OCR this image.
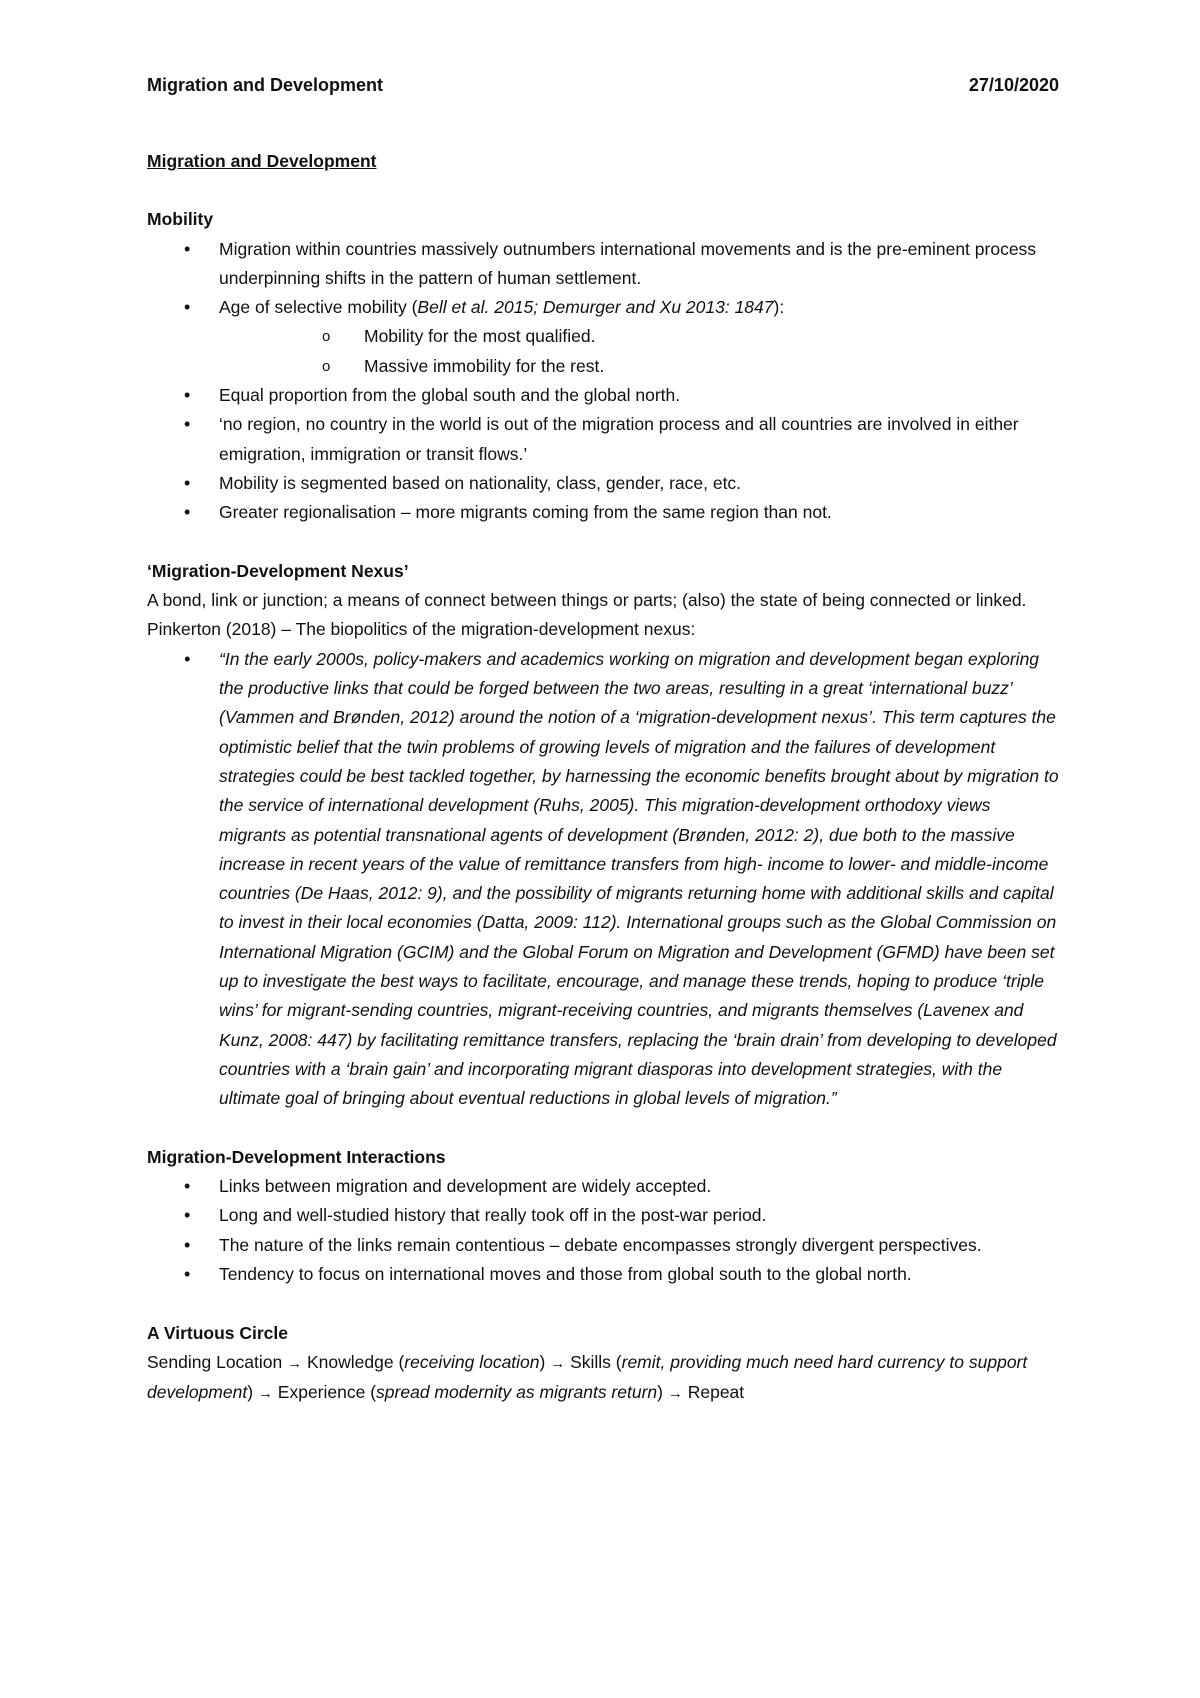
Migration and Development	27/10/2020
Migration and Development
Mobility
• Migration within countries massively outnumbers international movements and is the pre-eminent process underpinning shifts in the pattern of human settlement.
• Age of selective mobility (Bell et al. 2015; Demurger and Xu 2013: 1847):
o Mobility for the most qualified.
o Massive immobility for the rest.
• Equal proportion from the global south and the global north.
• ‘no region, no country in the world is out of the migration process and all countries are involved in either emigration, immigration or transit flows.’
• Mobility is segmented based on nationality, class, gender, race, etc.
• Greater regionalisation – more migrants coming from the same region than not.
‘Migration-Development Nexus’
A bond, link or junction; a means of connect between things or parts; (also) the state of being connected or linked. Pinkerton (2018) – The biopolitics of the migration-development nexus:
• “In the early 2000s, policy-makers and academics working on migration and development began exploring the productive links that could be forged between the two areas, resulting in a great ‘international buzz’ (Vammen and Brønden, 2012) around the notion of a ‘migration-development nexus’. This term captures the optimistic belief that the twin problems of growing levels of migration and the failures of development strategies could be best tackled together, by harnessing the economic benefits brought about by migration to the service of international development (Ruhs, 2005). This migration-development orthodoxy views migrants as potential transnational agents of development (Brønden, 2012: 2), due both to the massive increase in recent years of the value of remittance transfers from high- income to lower- and middle-income countries (De Haas, 2012: 9), and the possibility of migrants returning home with additional skills and capital to invest in their local economies (Datta, 2009: 112). International groups such as the Global Commission on International Migration (GCIM) and the Global Forum on Migration and Development (GFMD) have been set up to investigate the best ways to facilitate, encourage, and manage these trends, hoping to produce ‘triple wins’ for migrant-sending countries, migrant-receiving countries, and migrants themselves (Lavenex and Kunz, 2008: 447) by facilitating remittance transfers, replacing the ‘brain drain’ from developing to developed countries with a ‘brain gain’ and incorporating migrant diasporas into development strategies, with the ultimate goal of bringing about eventual reductions in global levels of migration.”
Migration-Development Interactions
• Links between migration and development are widely accepted.
• Long and well-studied history that really took off in the post-war period.
• The nature of the links remain contentious – debate encompasses strongly divergent perspectives.
• Tendency to focus on international moves and those from global south to the global north.
A Virtuous Circle
Sending Location → Knowledge (receiving location) → Skills (remit, providing much need hard currency to support development) → Experience (spread modernity as migrants return) → Repeat
